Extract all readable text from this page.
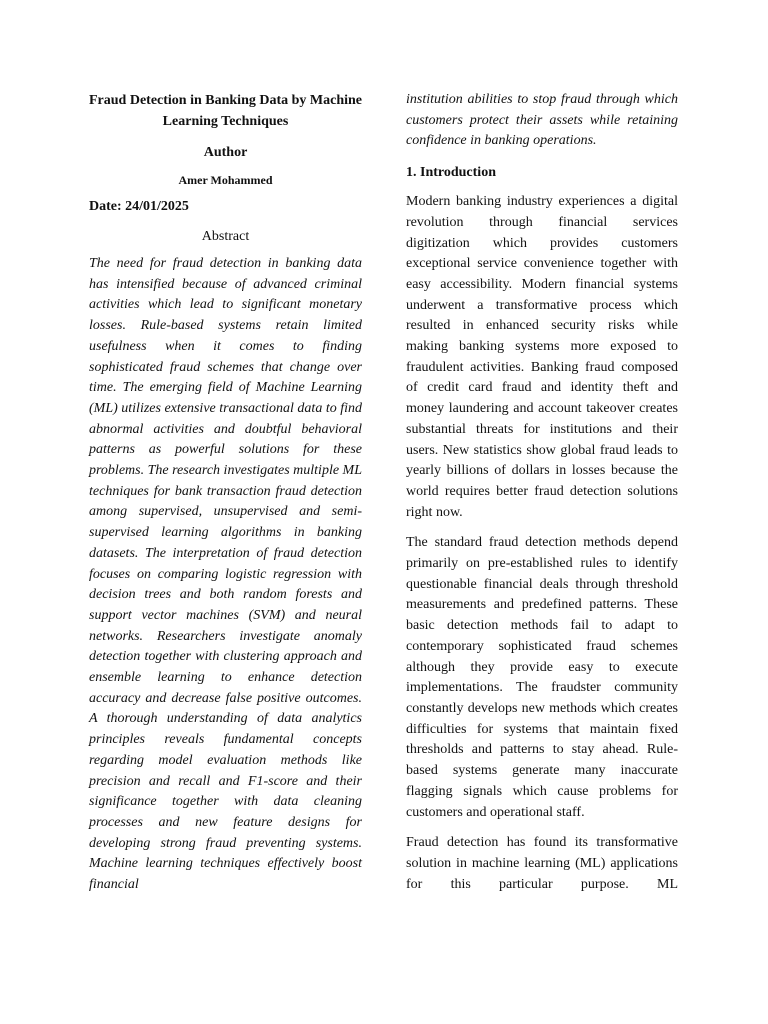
Fraud Detection in Banking Data by Machine Learning Techniques
Author
Amer Mohammed
Date: 24/01/2025
Abstract

The need for fraud detection in banking data has intensified because of advanced criminal activities which lead to significant monetary losses. Rule-based systems retain limited usefulness when it comes to finding sophisticated fraud schemes that change over time. The emerging field of Machine Learning (ML) utilizes extensive transactional data to find abnormal activities and doubtful behavioral patterns as powerful solutions for these problems. The research investigates multiple ML techniques for bank transaction fraud detection among supervised, unsupervised and semi-supervised learning algorithms in banking datasets. The interpretation of fraud detection focuses on comparing logistic regression with decision trees and both random forests and support vector machines (SVM) and neural networks. Researchers investigate anomaly detection together with clustering approach and ensemble learning to enhance detection accuracy and decrease false positive outcomes. A thorough understanding of data analytics principles reveals fundamental concepts regarding model evaluation methods like precision and recall and F1-score and their significance together with data cleaning processes and new feature designs for developing strong fraud preventing systems. Machine learning techniques effectively boost financial

institution abilities to stop fraud through which customers protect their assets while retaining confidence in banking operations.

1. Introduction

Modern banking industry experiences a digital revolution through financial services digitization which provides customers exceptional service convenience together with easy accessibility. Modern financial systems underwent a transformative process which resulted in enhanced security risks while making banking systems more exposed to fraudulent activities. Banking fraud composed of credit card fraud and identity theft and money laundering and account takeover creates substantial threats for institutions and their users. New statistics show global fraud leads to yearly billions of dollars in losses because the world requires better fraud detection solutions right now.

The standard fraud detection methods depend primarily on pre-established rules to identify questionable financial deals through threshold measurements and predefined patterns. These basic detection methods fail to adapt to contemporary sophisticated fraud schemes although they provide easy to execute implementations. The fraudster community constantly develops new methods which creates difficulties for systems that maintain fixed thresholds and patterns to stay ahead. Rule-based systems generate many inaccurate flagging signals which cause problems for customers and operational staff.

Fraud detection has found its transformative solution in machine learning (ML) applications for this particular purpose. ML
